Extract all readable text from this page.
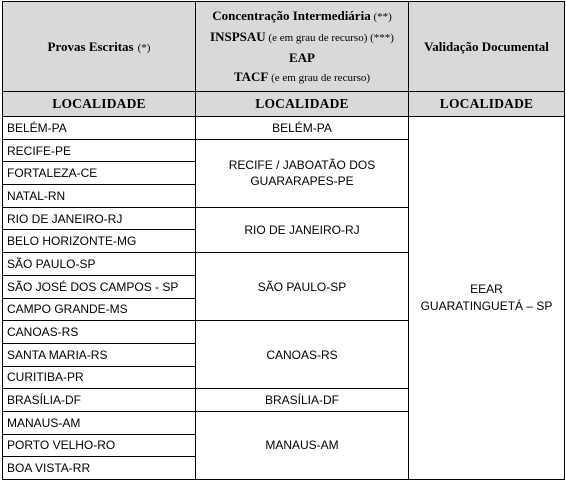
Provas Escritas (*)	Concentração Intermediária (**)
INSPSAU (e em grau de recurso) (***)
EAP
TACF (e em grau de recurso)	Validação Documental
LOCALIDADE	LOCALIDADE	LOCALIDADE
BELÉM-PA	BELÉM-PA	EEAR
GUARATINGUETÁ – SP

RECIFE-PE	RECIFE / JABOATÃO DOS
GUARARAPES-PE	

FORTALEZA-CE		
NATAL-RN		
RIO DE JANEIRO-RJ	RIO DE JANEIRO-RJ	

BELO HORIZONTE-MG		
SÃO PAULO-SP	SÃO PAULO-SP	

SÃO JOSÉ DOS CAMPOS - SP		
CAMPO GRANDE-MS		
CANOAS-RS	CANOAS-RS	

SANTA MARIA-RS		
CURITIBA-PR		
BRASÍLIA-DF	BRASÍLIA-DF	

MANAUS-AM	MANAUS-AM	

PORTO VELHO-RO		
BOA VISTA-RR		
